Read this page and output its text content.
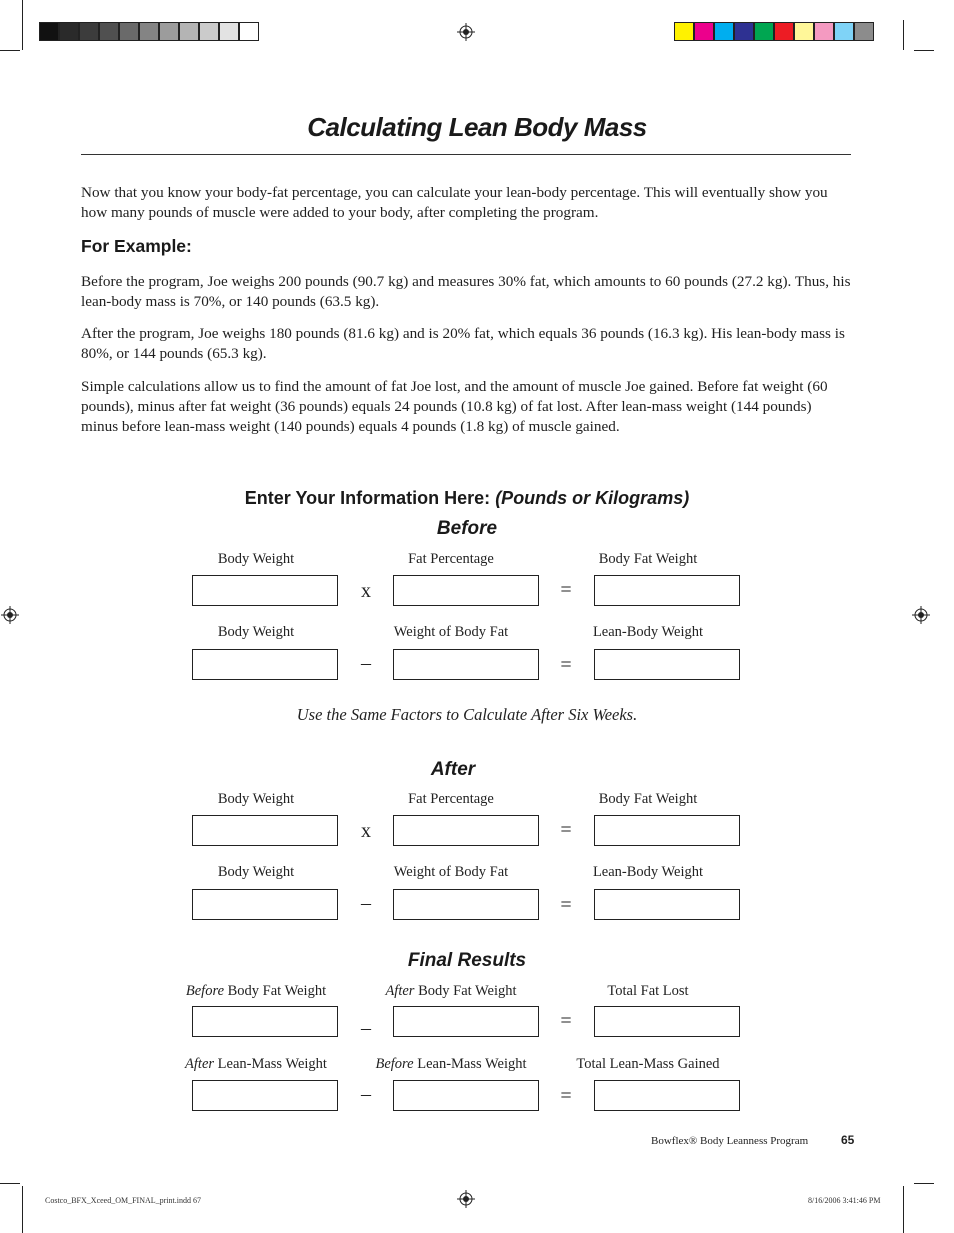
Calculating Lean Body Mass

Now that you know your body-fat percentage, you can calculate your lean-body percentage. This will eventually show you how many pounds of muscle were added to your body, after completing the program.

For Example:

Before the program, Joe weighs 200 pounds (90.7 kg) and measures 30% fat, which amounts to 60 pounds (27.2 kg). Thus, his lean-body mass is 70%, or 140 pounds (63.5 kg).

After the program, Joe weighs 180 pounds (81.6 kg) and is 20% fat, which equals 36 pounds (16.3 kg). His lean-body mass is 80%, or 144 pounds (65.3 kg).

Simple calculations allow us to find the amount of fat Joe lost, and the amount of muscle Joe gained. Before fat weight (60 pounds), minus after fat weight (36 pounds) equals 24 pounds (10.8 kg) of fat lost. After lean-mass weight (144 pounds) minus before lean-mass weight (140 pounds) equals 4 pounds (1.8 kg) of muscle gained.

Enter Your Information Here: (Pounds or Kilograms)
Before
Body Weight	Fat Percentage	Body Fat Weight
x	=
Body Weight	Weight of Body Fat	Lean-Body Weight
–	=
Use the Same Factors to Calculate After Six Weeks.
After
Body Weight	Fat Percentage	Body Fat Weight
x	=
Body Weight	Weight of Body Fat	Lean-Body Weight
–	=
Final Results
Before Body Fat Weight	After Body Fat Weight	Total Fat Lost
–	=
After Lean-Mass Weight	Before Lean-Mass Weight	Total Lean-Mass Gained
–	=
Bowflex® Body Leanness Program	65
Costco_BFX_Xceed_OM_FINAL_print.indd 67	8/16/2006 3:41:46 PM
